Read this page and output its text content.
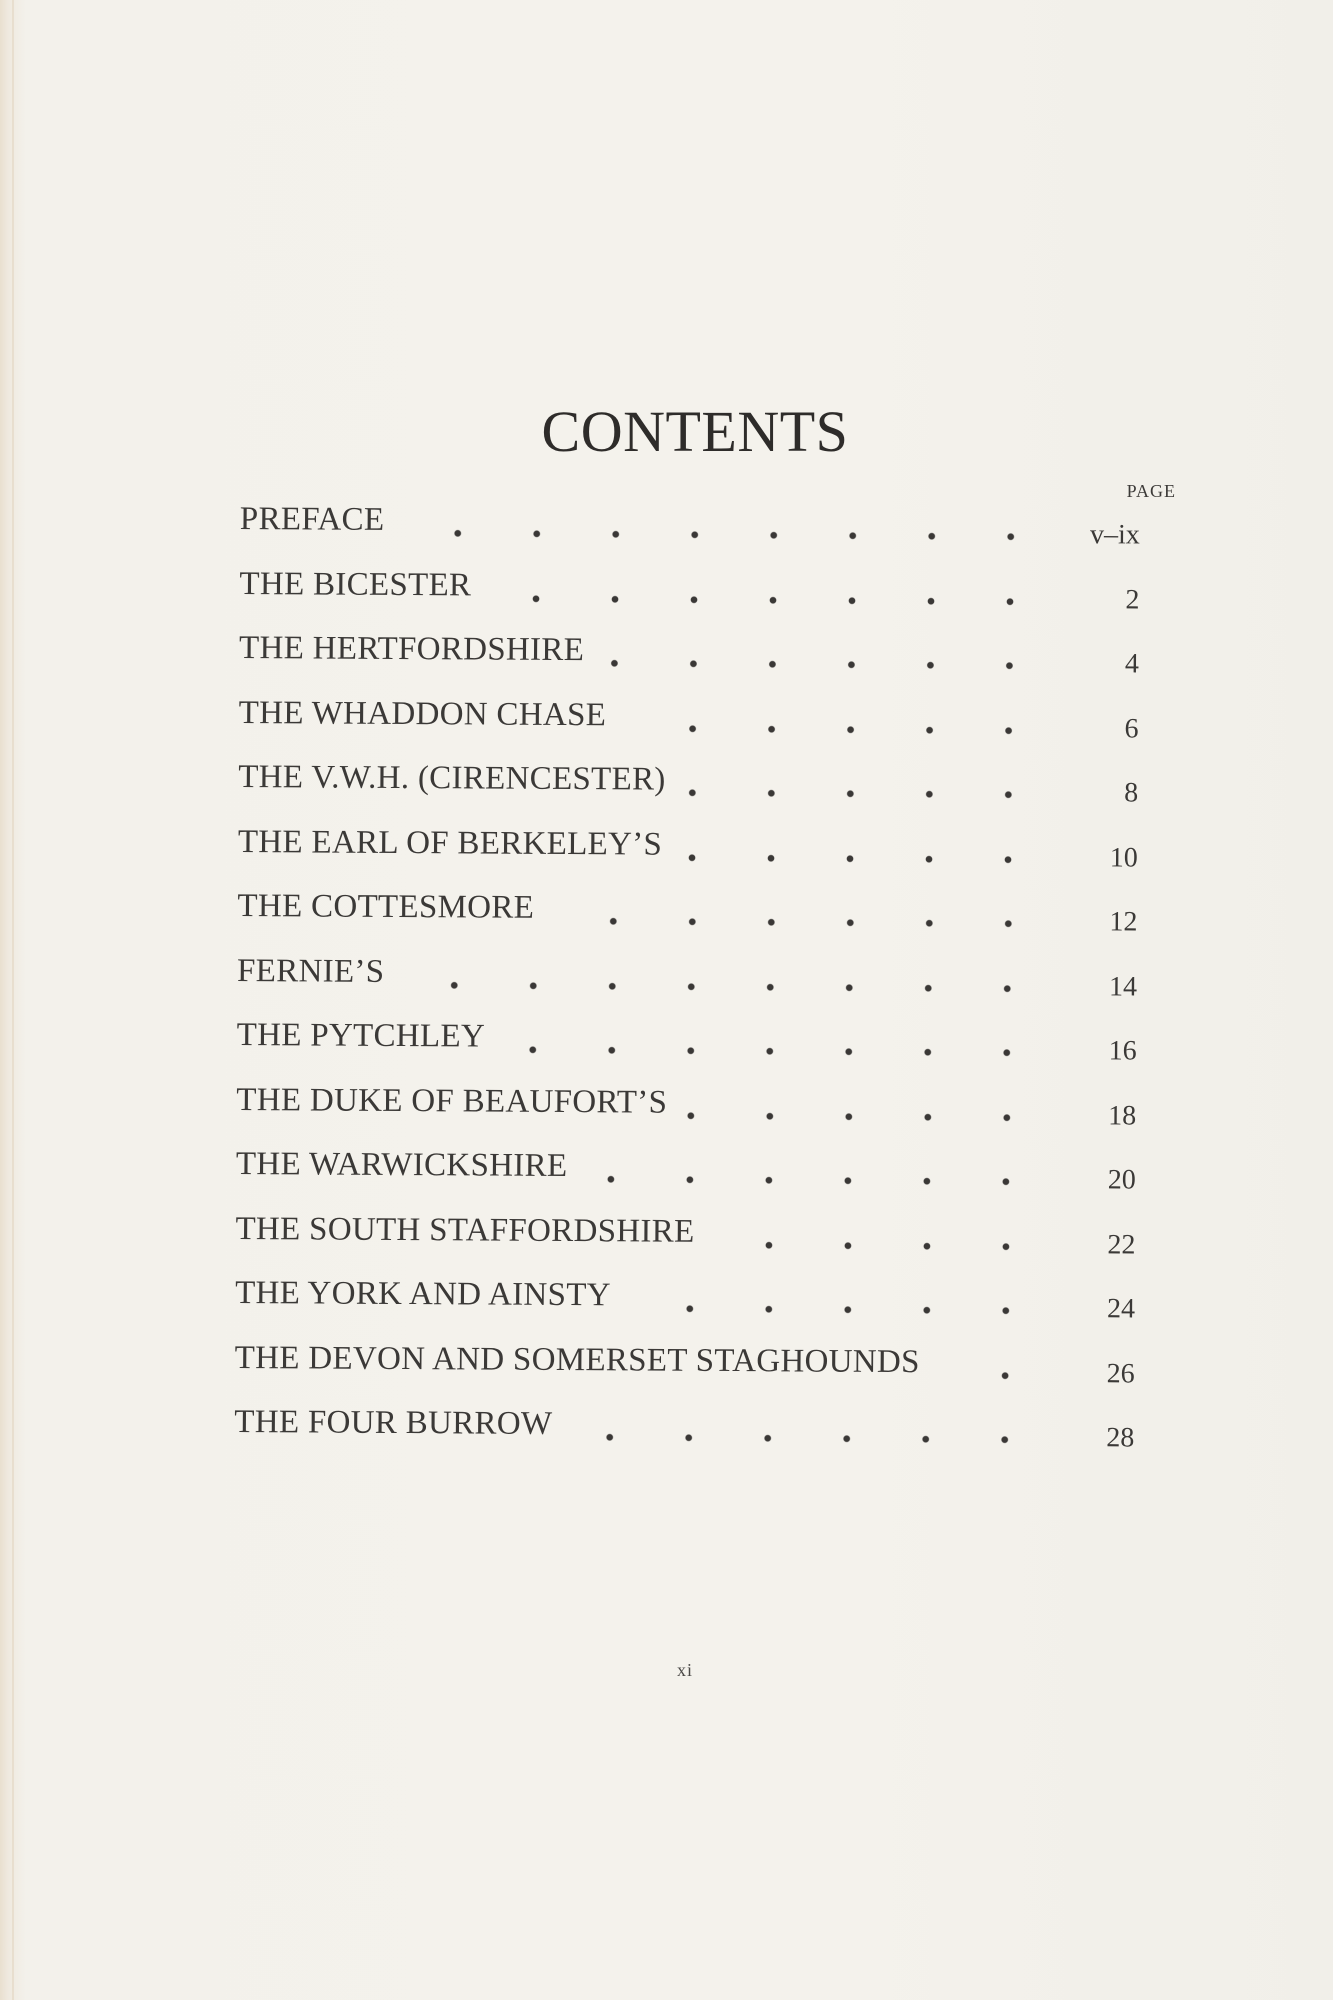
CONTENTS
PAGE
PREFACE	v–ix
THE BICESTER	2
THE HERTFORDSHIRE	4
THE WHADDON CHASE	6
THE V.W.H. (CIRENCESTER)	8
THE EARL OF BERKELEY’S	10
THE COTTESMORE	12
FERNIE’S	14
THE PYTCHLEY	16
THE DUKE OF BEAUFORT’S	18
THE WARWICKSHIRE	20
THE SOUTH STAFFORDSHIRE	22
THE YORK AND AINSTY	24
THE DEVON AND SOMERSET STAGHOUNDS	26
THE FOUR BURROW	28
xi
